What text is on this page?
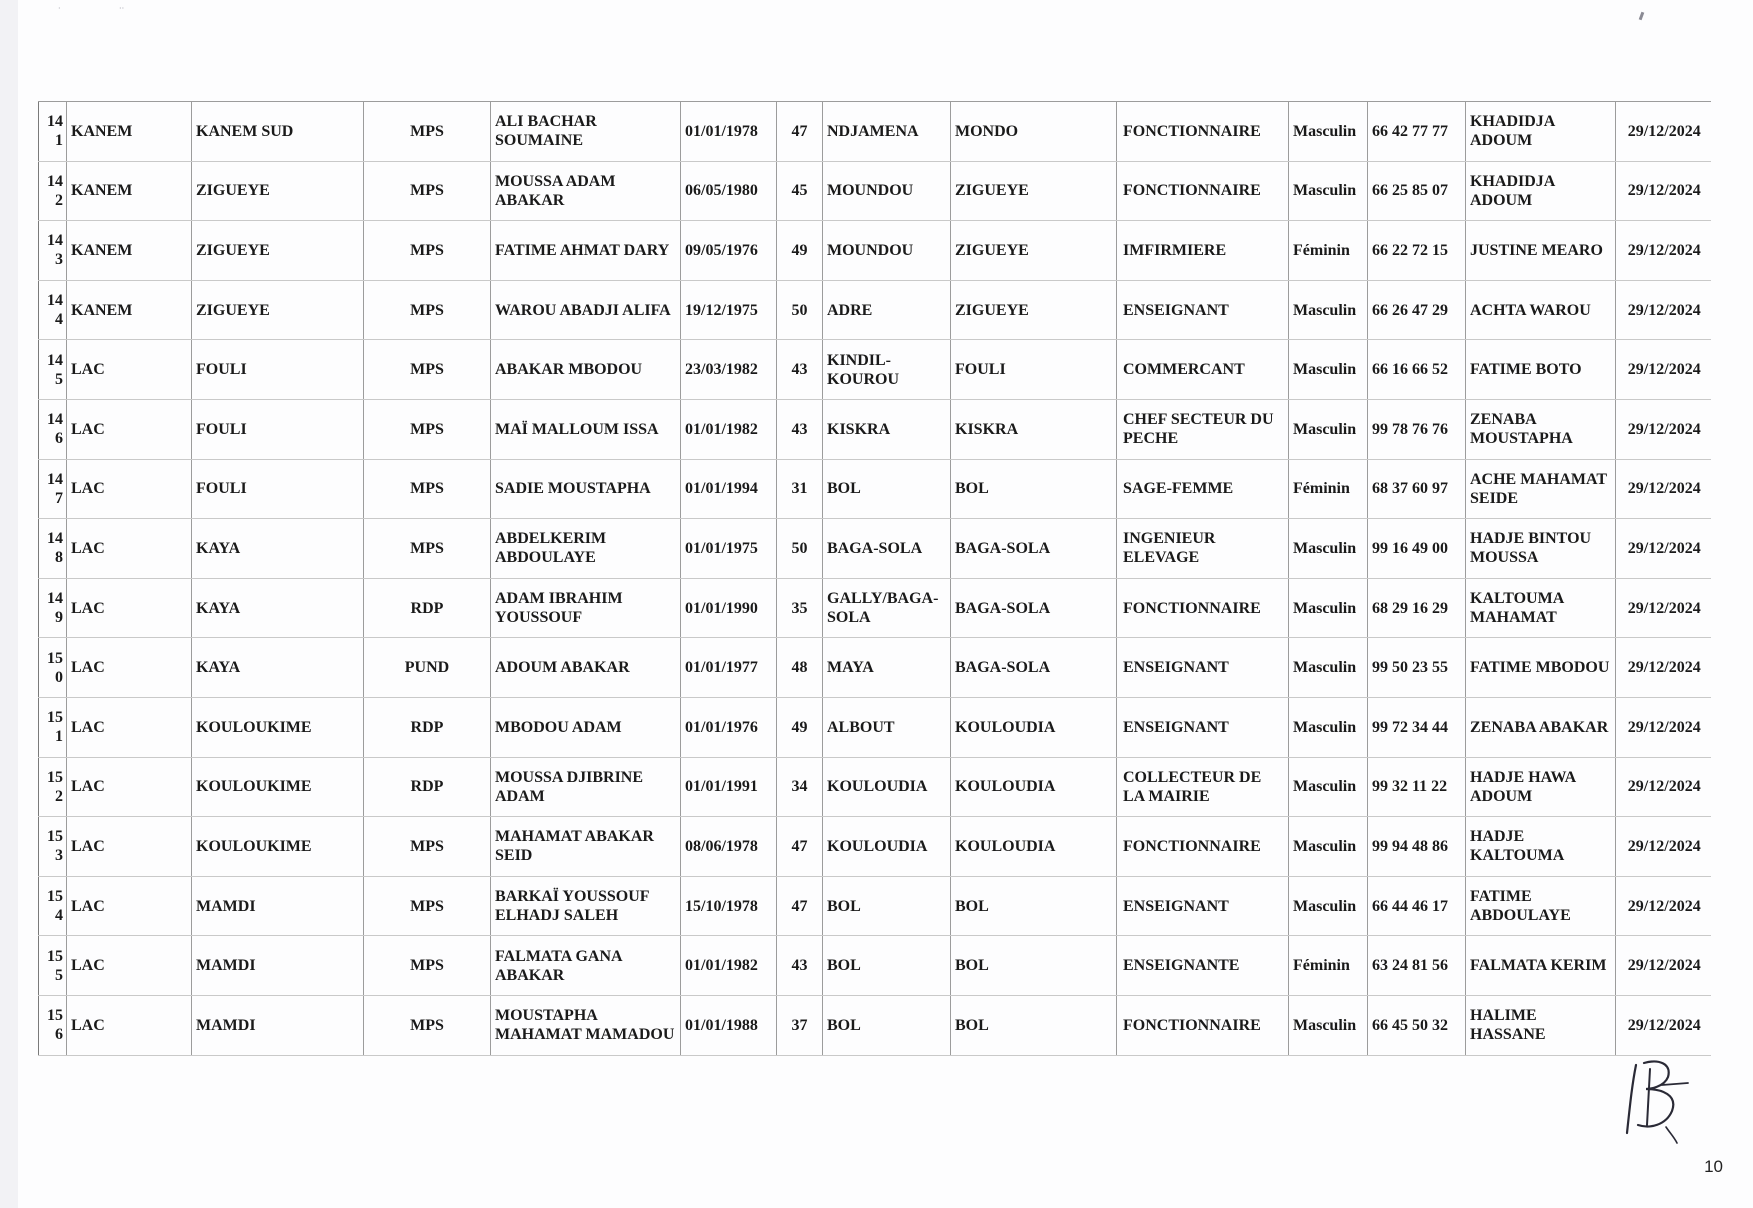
·                       ··
141	KANEM	KANEM SUD	MPS	ALI BACHAR SOUMAINE	01/01/1978	47	NDJAMENA	MONDO	FONCTIONNAIRE	Masculin	66 42 77 77	KHADIDJA ADOUM	29/12/2024
142	KANEM	ZIGUEYE	MPS	MOUSSA ADAM ABAKAR	06/05/1980	45	MOUNDOU	ZIGUEYE	FONCTIONNAIRE	Masculin	66 25 85 07	KHADIDJA ADOUM	29/12/2024
143	KANEM	ZIGUEYE	MPS	FATIME AHMAT DARY	09/05/1976	49	MOUNDOU	ZIGUEYE	IMFIRMIERE	Féminin	66 22 72 15	JUSTINE MEARO	29/12/2024
144	KANEM	ZIGUEYE	MPS	WAROU ABADJI ALIFA	19/12/1975	50	ADRE	ZIGUEYE	ENSEIGNANT	Masculin	66 26 47 29	ACHTA WAROU	29/12/2024
145	LAC	FOULI	MPS	ABAKAR MBODOU	23/03/1982	43	KINDIL-KOUROU	FOULI	COMMERCANT	Masculin	66 16 66 52	FATIME BOTO	29/12/2024
146	LAC	FOULI	MPS	MAÏ MALLOUM ISSA	01/01/1982	43	KISKRA	KISKRA	CHEF SECTEUR DU PECHE	Masculin	99 78 76 76	ZENABA MOUSTAPHA	29/12/2024
147	LAC	FOULI	MPS	SADIE MOUSTAPHA	01/01/1994	31	BOL	BOL	SAGE-FEMME	Féminin	68 37 60 97	ACHE MAHAMAT SEIDE	29/12/2024
148	LAC	KAYA	MPS	ABDELKERIM ABDOULAYE	01/01/1975	50	BAGA-SOLA	BAGA-SOLA	INGENIEUR ELEVAGE	Masculin	99 16 49 00	HADJE BINTOU MOUSSA	29/12/2024
149	LAC	KAYA	RDP	ADAM IBRAHIM YOUSSOUF	01/01/1990	35	GALLY/BAGA-SOLA	BAGA-SOLA	FONCTIONNAIRE	Masculin	68 29 16 29	KALTOUMA MAHAMAT	29/12/2024
150	LAC	KAYA	PUND	ADOUM ABAKAR	01/01/1977	48	MAYA	BAGA-SOLA	ENSEIGNANT	Masculin	99 50 23 55	FATIME MBODOU	29/12/2024
151	LAC	KOULOUKIME	RDP	MBODOU ADAM	01/01/1976	49	ALBOUT	KOULOUDIA	ENSEIGNANT	Masculin	99 72 34 44	ZENABA ABAKAR	29/12/2024
152	LAC	KOULOUKIME	RDP	MOUSSA DJIBRINE ADAM	01/01/1991	34	KOULOUDIA	KOULOUDIA	COLLECTEUR DE LA MAIRIE	Masculin	99 32 11 22	HADJE HAWA ADOUM	29/12/2024
153	LAC	KOULOUKIME	MPS	MAHAMAT ABAKAR SEID	08/06/1978	47	KOULOUDIA	KOULOUDIA	FONCTIONNAIRE	Masculin	99 94 48 86	HADJE KALTOUMA	29/12/2024
154	LAC	MAMDI	MPS	BARKAÏ YOUSSOUF ELHADJ SALEH	15/10/1978	47	BOL	BOL	ENSEIGNANT	Masculin	66 44 46 17	FATIME ABDOULAYE	29/12/2024
155	LAC	MAMDI	MPS	FALMATA GANA ABAKAR	01/01/1982	43	BOL	BOL	ENSEIGNANTE	Féminin	63 24 81 56	FALMATA KERIM	29/12/2024
156	LAC	MAMDI	MPS	MOUSTAPHA MAHAMAT MAMADOU	01/01/1988	37	BOL	BOL	FONCTIONNAIRE	Masculin	66 45 50 32	HALIME HASSANE	29/12/2024
10
